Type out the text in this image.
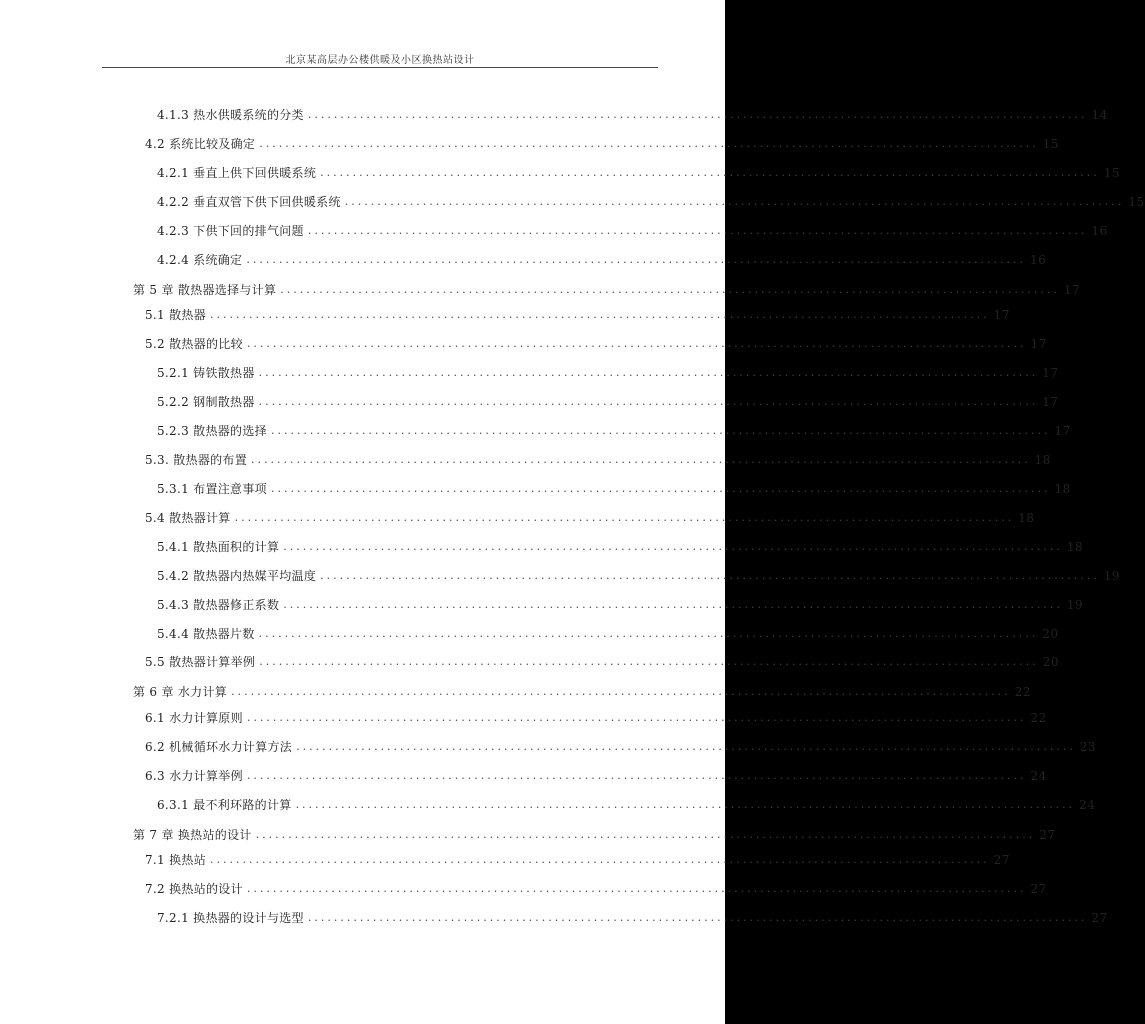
北京某高层办公楼供暖及小区换热站设计
4.1.3 热水供暖系统的分类 ........................................................................................................................ 14
4.2 系统比较及确定 ........................................................................................................................ 15
4.2.1 垂直上供下回供暖系统 ........................................................................................................................ 15
4.2.2 垂直双管下供下回供暖系统 ........................................................................................................................ 15
4.2.3 下供下回的排气问题 ........................................................................................................................ 16
4.2.4 系统确定 ........................................................................................................................ 16
第 5 章 散热器选择与计算 ........................................................................................................................ 17
5.1 散热器 ........................................................................................................................ 17
5.2 散热器的比较 ........................................................................................................................ 17
5.2.1 铸铁散热器 ........................................................................................................................ 17
5.2.2 钢制散热器 ........................................................................................................................ 17
5.2.3 散热器的选择 ........................................................................................................................ 17
5.3. 散热器的布置 ........................................................................................................................ 18
5.3.1 布置注意事项 ........................................................................................................................ 18
5.4 散热器计算 ........................................................................................................................ 18
5.4.1 散热面积的计算 ........................................................................................................................ 18
5.4.2 散热器内热媒平均温度 ........................................................................................................................ 19
5.4.3 散热器修正系数 ........................................................................................................................ 19
5.4.4 散热器片数 ........................................................................................................................ 20
5.5 散热器计算举例 ........................................................................................................................ 20
第 6 章 水力计算 ........................................................................................................................ 22
6.1 水力计算原则 ........................................................................................................................ 22
6.2 机械循环水力计算方法 ........................................................................................................................ 23
6.3 水力计算举例 ........................................................................................................................ 24
6.3.1 最不利环路的计算 ........................................................................................................................ 24
第 7 章 换热站的设计 ........................................................................................................................ 27
7.1 换热站 ........................................................................................................................ 27
7.2 换热站的设计 ........................................................................................................................ 27
7.2.1 换热器的设计与选型 ........................................................................................................................ 27
